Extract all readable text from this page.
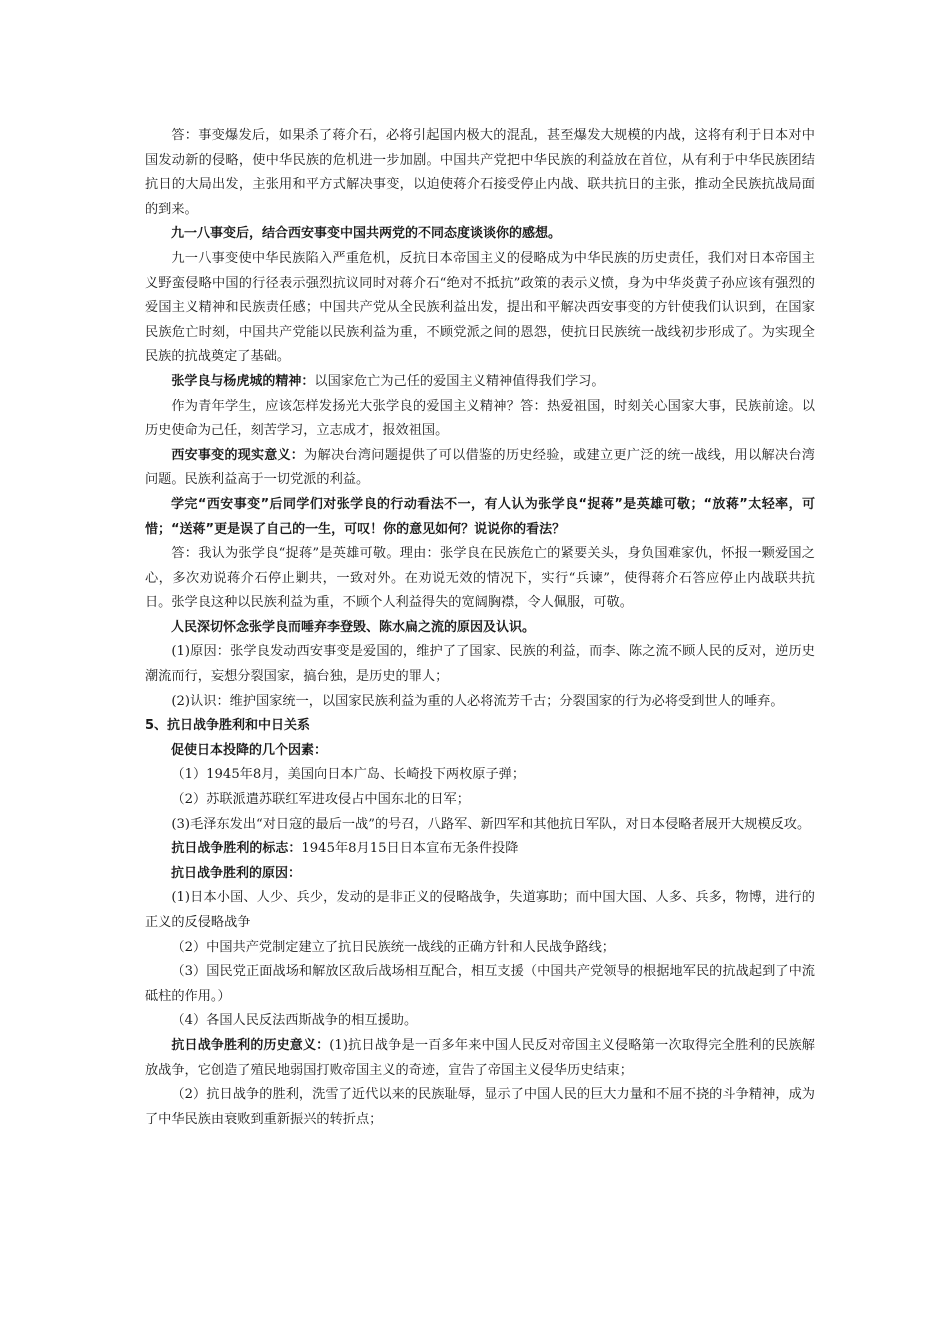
答：事变爆发后，如果杀了蒋介石，必将引起国内极大的混乱，甚至爆发大规模的内战，这将有利于日本对中国发动新的侵略，使中华民族的危机进一步加剧。中国共产党把中华民族的利益放在首位，从有利于中华民族团结抗日的大局出发，主张用和平方式解决事变，以迫使蒋介石接受停止内战、联共抗日的主张，推动全民族抗战局面的到来。

九一八事变后，结合西安事变中国共两党的不同态度谈谈你的感想。

九一八事变使中华民族陷入严重危机，反抗日本帝国主义的侵略成为中华民族的历史责任，我们对日本帝国主义野蛮侵略中国的行径表示强烈抗议同时对蒋介石“绝对不抵抗”政策的表示义愤，身为中华炎黄子孙应该有强烈的爱国主义精神和民族责任感；中国共产党从全民族利益出发，提出和平解决西安事变的方针使我们认识到，在国家民族危亡时刻，中国共产党能以民族利益为重，不顾党派之间的恩怨，使抗日民族统一战线初步形成了。为实现全民族的抗战奠定了基础。

张学良与杨虎城的精神：以国家危亡为己任的爱国主义精神值得我们学习。

作为青年学生，应该怎样发扬光大张学良的爱国主义精神？答：热爱祖国，时刻关心国家大事，民族前途。以历史使命为己任，刻苦学习，立志成才，报效祖国。

西安事变的现实意义：为解决台湾问题提供了可以借鉴的历史经验，或建立更广泛的统一战线，用以解决台湾问题。民族利益高于一切党派的利益。

学完“西安事变”后同学们对张学良的行动看法不一，有人认为张学良“捉蒋”是英雄可敬；“放蒋”太轻率，可惜；“送蒋”更是误了自己的一生，可叹！你的意见如何？说说你的看法？

答：我认为张学良“捉蒋”是英雄可敬。理由：张学良在民族危亡的紧要关头，身负国难家仇，怀报一颗爱国之心，多次劝说蒋介石停止剿共，一致对外。在劝说无效的情况下，实行“兵谏”，使得蒋介石答应停止内战联共抗日。张学良这种以民族利益为重，不顾个人利益得失的宽阔胸襟，令人佩服，可敬。

人民深切怀念张学良而唾弃李登毁、陈水扁之流的原因及认识。

(1)原因：张学良发动西安事变是爱国的，维护了了国家、民族的利益，而李、陈之流不顾人民的反对，逆历史潮流而行，妄想分裂国家，搞台独，是历史的罪人；

(2)认识：维护国家统一，以国家民族利益为重的人必将流芳千古；分裂国家的行为必将受到世人的唾弃。

5、抗日战争胜利和中日关系

促使日本投降的几个因素：

（1）1945年8月，美国向日本广岛、长崎投下两枚原子弹；

（2）苏联派遣苏联红军进攻侵占中国东北的日军；

(3)毛泽东发出“对日寇的最后一战”的号召，八路军、新四军和其他抗日军队，对日本侵略者展开大规模反攻。

抗日战争胜利的标志：1945年8月15日日本宣布无条件投降

抗日战争胜利的原因：

(1)日本小国、人少、兵少，发动的是非正义的侵略战争，失道寡助；而中国大国、人多、兵多，物博，进行的正义的反侵略战争

（2）中国共产党制定建立了抗日民族统一战线的正确方针和人民战争路线；

（3）国民党正面战场和解放区敌后战场相互配合，相互支援（中国共产党领导的根据地军民的抗战起到了中流砥柱的作用。）

（4）各国人民反法西斯战争的相互援助。

抗日战争胜利的历史意义：(1)抗日战争是一百多年来中国人民反对帝国主义侵略第一次取得完全胜利的民族解放战争，它创造了殖民地弱国打败帝国主义的奇迹，宣告了帝国主义侵华历史结束；

（2）抗日战争的胜利，洗雪了近代以来的民族耻辱，显示了中国人民的巨大力量和不屈不挠的斗争精神，成为了中华民族由衰败到重新振兴的转折点；
